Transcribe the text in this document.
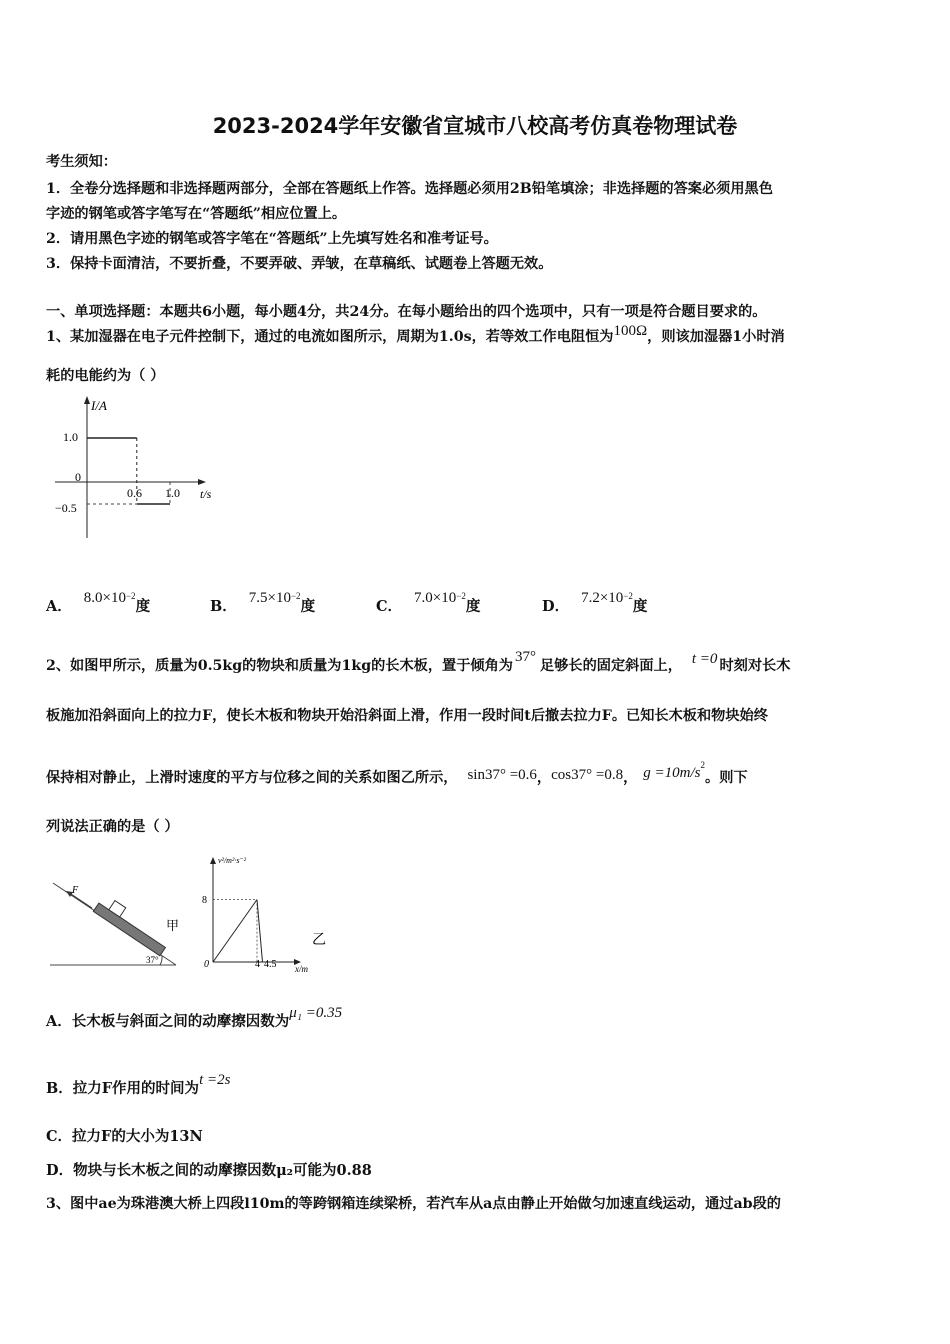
2023-2024学年安徽省宣城市八校高考仿真卷物理试卷
考生须知：
1．全卷分选择题和非选择题两部分，全部在答题纸上作答。选择题必须用2B铅笔填涂；非选择题的答案必须用黑色
字迹的钢笔或答字笔写在“答题纸”相应位置上。
2．请用黑色字迹的钢笔或答字笔在“答题纸”上先填写姓名和准考证号。
3．保持卡面清洁，不要折叠，不要弄破、弄皱，在草稿纸、试题卷上答题无效。
一、单项选择题：本题共6小题，每小题4分，共24分。在每小题给出的四个选项中，只有一项是符合题目要求的。
1、某加湿器在电子元件控制下，通过的电流如图所示，周期为1.0s，若等效工作电阻恒为100Ω，则该加湿器1小时消
耗的电能约为（ ）
I/A
t/s
1.0
0
−0.5
0.6 1.0
A． $8.0\times 10^{-2}$度	B． $7.5\times 10^{-2}$度	C． $7.0\times 10^{-2}$度	D． $7.2\times 10^{-2}$度
2、如图甲所示，质量为0.5kg的物块和质量为1kg的长木板，置于倾角为37°足够长的固定斜面上， t =0 时刻对长木
板施加沿斜面向上的拉力F，使长木板和物块开始沿斜面上滑，作用一段时间t后撤去拉力F。已知长木板和物块始终
保持相对静止，上滑时速度的平方与位移之间的关系如图乙所示， sin37° =0.6，cos37° =0.8， $g =10m/s^2$。则下
列说法正确的是（ ）
F
甲
37°
v²/m²·s⁻²
x/m
8
0	4 4.5
乙
A．长木板与斜面之间的动摩擦因数为μ₁ =0.35
B．拉力F作用的时间为t =2s
C．拉力F的大小为13N
D．物块与长木板之间的动摩擦因数μ₂可能为0.88
3、图中ae为珠港澳大桥上四段l10m的等跨钢箱连续梁桥，若汽车从a点由静止开始做匀加速直线运动，通过ab段的
